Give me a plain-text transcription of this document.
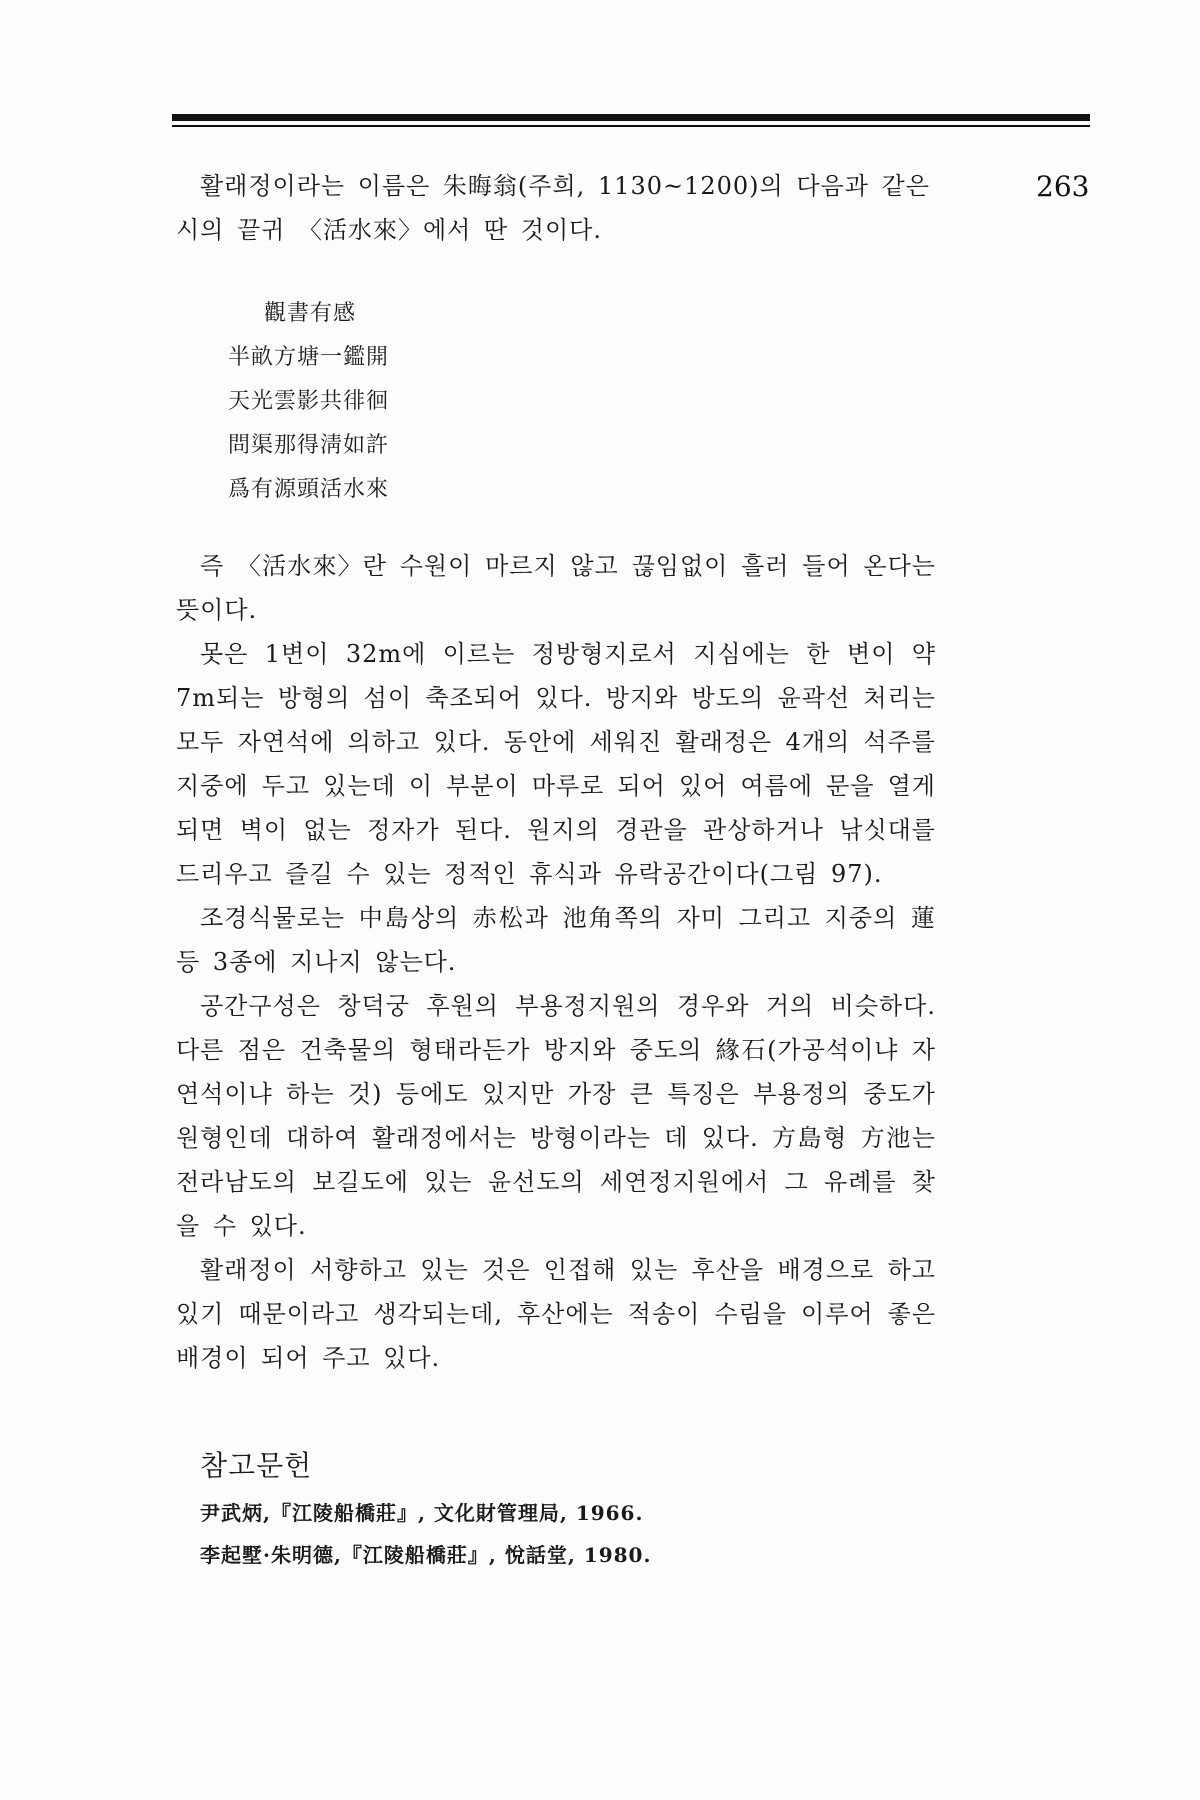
263
활래정이라는 이름은 朱晦翁(주희, 1130~1200)의 다음과 같은
시의 끝귀 〈活水來〉에서 딴 것이다.
觀書有感
半畝方塘一鑑開
天光雲影共徘徊
問渠那得淸如許
爲有源頭活水來

즉 〈活水來〉란 수원이 마르지 않고 끊임없이 흘러 들어 온다는 뜻이다.

못은 1변이 32m에 이르는 정방형지로서 지심에는 한 변이 약 7m되는 방형의 섬이 축조되어 있다. 방지와 방도의 윤곽선 처리는 모두 자연석에 의하고 있다. 동안에 세워진 활래정은 4개의 석주를 지중에 두고 있는데 이 부분이 마루로 되어 있어 여름에 문을 열게 되면 벽이 없는 정자가 된다. 원지의 경관을 관상하거나 낚싯대를 드리우고 즐길 수 있는 정적인 휴식과 유락공간이다(그림 97).

조경식물로는 中島상의 赤松과 池角쪽의 자미 그리고 지중의 蓮 등 3종에 지나지 않는다.

공간구성은 창덕궁 후원의 부용정지원의 경우와 거의 비슷하다. 다른 점은 건축물의 형태라든가 방지와 중도의 緣石(가공석이냐 자연석이냐 하는 것) 등에도 있지만 가장 큰 특징은 부용정의 중도가 원형인데 대하여 활래정에서는 방형이라는 데 있다. 方島형 方池는 전라남도의 보길도에 있는 윤선도의 세연정지원에서 그 유례를 찾을 수 있다.

활래정이 서향하고 있는 것은 인접해 있는 후산을 배경으로 하고 있기 때문이라고 생각되는데, 후산에는 적송이 수림을 이루어 좋은 배경이 되어 주고 있다.

참고문헌
尹武炳,『江陵船橋莊』, 文化財管理局, 1966.
李起墅·朱明德,『江陵船橋莊』, 悅話堂, 1980.
